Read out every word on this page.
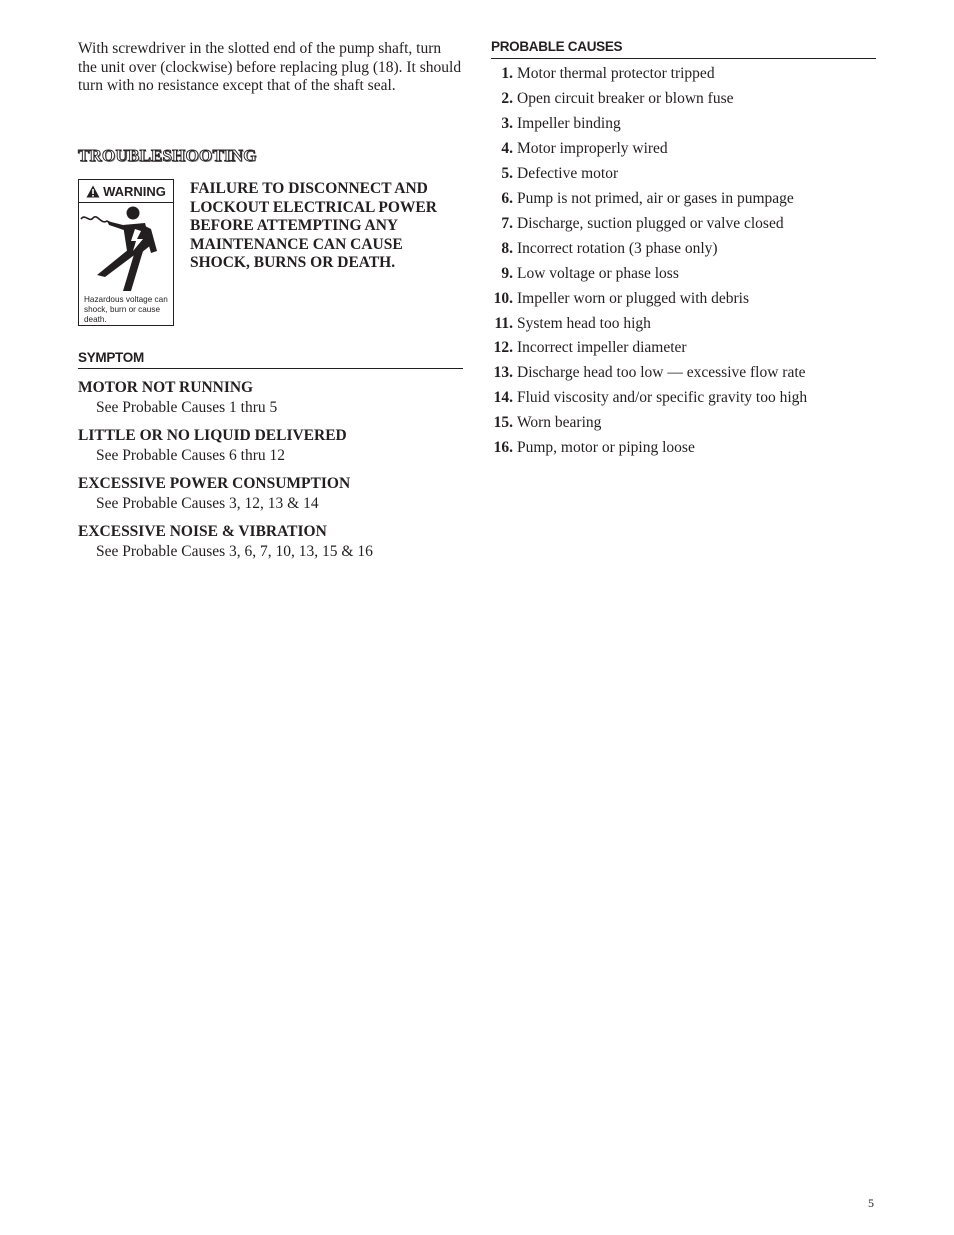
With screwdriver in the slotted end of the pump shaft, turn the unit over (clockwise) before replacing plug (18). It should turn with no resistance except that of the shaft seal.

TROUBLESHOOTING
WARNING
Hazardous voltage can shock, burn or cause death.
FAILURE TO DISCONNECT AND LOCKOUT ELECTRICAL POWER BEFORE ATTEMPTING ANY MAINTENANCE CAN CAUSE SHOCK, BURNS OR DEATH.
SYMPTOM
MOTOR NOT RUNNING
See Probable Causes 1 thru 5
LITTLE OR NO LIQUID DELIVERED
See Probable Causes 6 thru 12
EXCESSIVE POWER CONSUMPTION
See Probable Causes 3, 12, 13 & 14
EXCESSIVE NOISE & VIBRATION
See Probable Causes 3, 6, 7, 10, 13, 15 & 16
PROBABLE CAUSES
1. Motor thermal protector tripped
2. Open circuit breaker or blown fuse
3. Impeller binding
4. Motor improperly wired
5. Defective motor
6. Pump is not primed, air or gases in pumpage
7. Discharge, suction plugged or valve closed
8. Incorrect rotation (3 phase only)
9. Low voltage or phase loss
10. Impeller worn or plugged with debris
11. System head too high
12. Incorrect impeller diameter
13. Discharge head too low — excessive flow rate
14. Fluid viscosity and/or specific gravity too high
15. Worn bearing
16. Pump, motor or piping loose
5
